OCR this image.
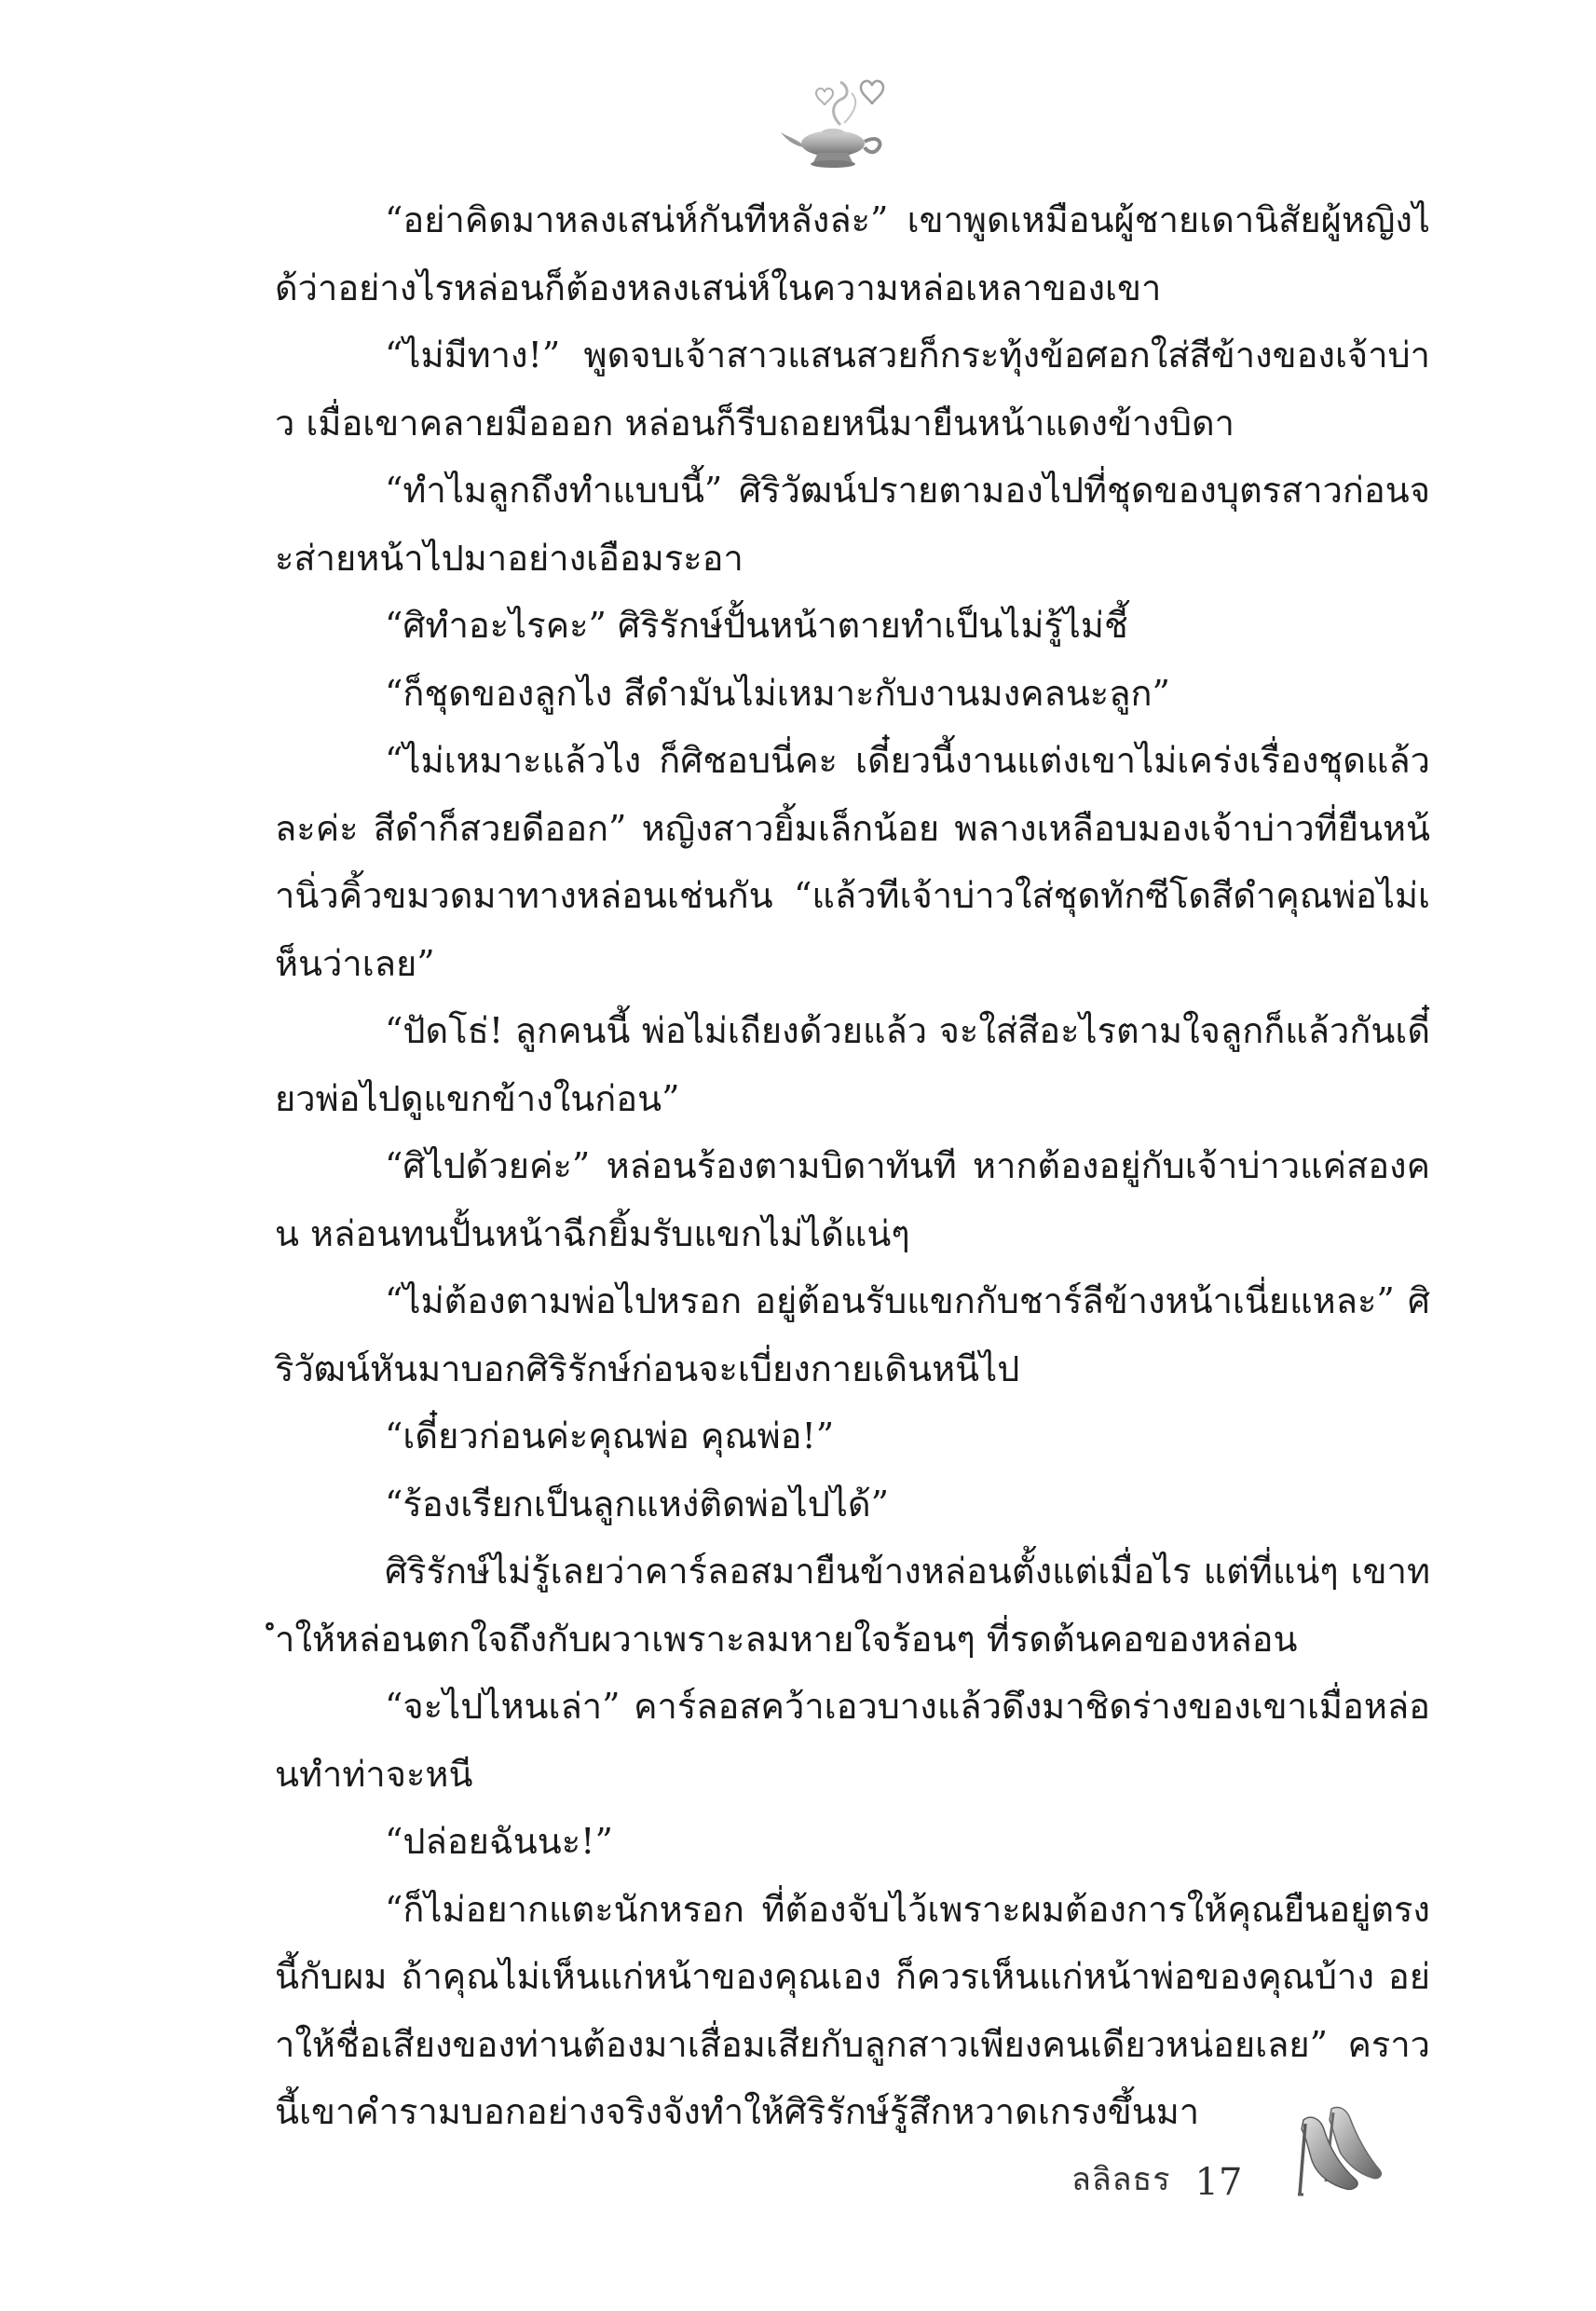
“อย่าคิดมาหลงเสน่ห์กันทีหลังล่ะ” เขาพูดเหมือนผู้ชายเดานิสัยผู้หญิงได้ว่าอย่างไรหล่อนก็ต้องหลงเสน่ห์ในความหล่อเหลาของเขา

“ไม่มีทาง!” พูดจบเจ้าสาวแสนสวยก็กระทุ้งข้อศอกใส่สีข้างของเจ้าบ่าว เมื่อเขาคลายมือออก หล่อนก็รีบถอยหนีมายืนหน้าแดงข้างบิดา

“ทำไมลูกถึงทำแบบนี้” ศิริวัฒน์ปรายตามองไปที่ชุดของบุตรสาวก่อนจะส่ายหน้าไปมาอย่างเอือมระอา

“ศิทำอะไรคะ” ศิริรักษ์ปั้นหน้าตายทำเป็นไม่รู้ไม่ชี้

“ก็ชุดของลูกไง สีดำมันไม่เหมาะกับงานมงคลนะลูก”

“ไม่เหมาะแล้วไง ก็ศิชอบนี่คะ เดี๋ยวนี้งานแต่งเขาไม่เคร่งเรื่องชุดแล้วละค่ะ สีดำก็สวยดีออก” หญิงสาวยิ้มเล็กน้อย พลางเหลือบมองเจ้าบ่าวที่ยืนหน้านิ่วคิ้วขมวดมาทางหล่อนเช่นกัน “แล้วทีเจ้าบ่าวใส่ชุดทักซีโดสีดำคุณพ่อไม่เห็นว่าเลย”

“ปัดโธ่! ลูกคนนี้ พ่อไม่เถียงด้วยแล้ว จะใส่สีอะไรตามใจลูกก็แล้วกันเดี๋ยวพ่อไปดูแขกข้างในก่อน”

“ศิไปด้วยค่ะ” หล่อนร้องตามบิดาทันที หากต้องอยู่กับเจ้าบ่าวแค่สองคน หล่อนทนปั้นหน้าฉีกยิ้มรับแขกไม่ได้แน่ๆ

“ไม่ต้องตามพ่อไปหรอก อยู่ต้อนรับแขกกับชาร์ลีข้างหน้าเนี่ยแหละ” ศิริวัฒน์หันมาบอกศิริรักษ์ก่อนจะเบี่ยงกายเดินหนีไป

“เดี๋ยวก่อนค่ะคุณพ่อ คุณพ่อ!”

“ร้องเรียกเป็นลูกแหง่ติดพ่อไปได้”

ศิริรักษ์ไม่รู้เลยว่าคาร์ลอสมายืนข้างหล่อนตั้งแต่เมื่อไร แต่ที่แน่ๆ เขาทำให้หล่อนตกใจถึงกับผวาเพราะลมหายใจร้อนๆ ที่รดต้นคอของหล่อน

“จะไปไหนเล่า” คาร์ลอสคว้าเอวบางแล้วดึงมาชิดร่างของเขาเมื่อหล่อนทำท่าจะหนี

“ปล่อยฉันนะ!”

“ก็ไม่อยากแตะนักหรอก ที่ต้องจับไว้เพราะผมต้องการให้คุณยืนอยู่ตรงนี้กับผม ถ้าคุณไม่เห็นแก่หน้าของคุณเอง ก็ควรเห็นแก่หน้าพ่อของคุณบ้าง อย่าให้ชื่อเสียงของท่านต้องมาเสื่อมเสียกับลูกสาวเพียงคนเดียวหน่อยเลย” คราวนี้เขาคำรามบอกอย่างจริงจังทำให้ศิริรักษ์รู้สึกหวาดเกรงขึ้นมา

ลลิลธร 17
